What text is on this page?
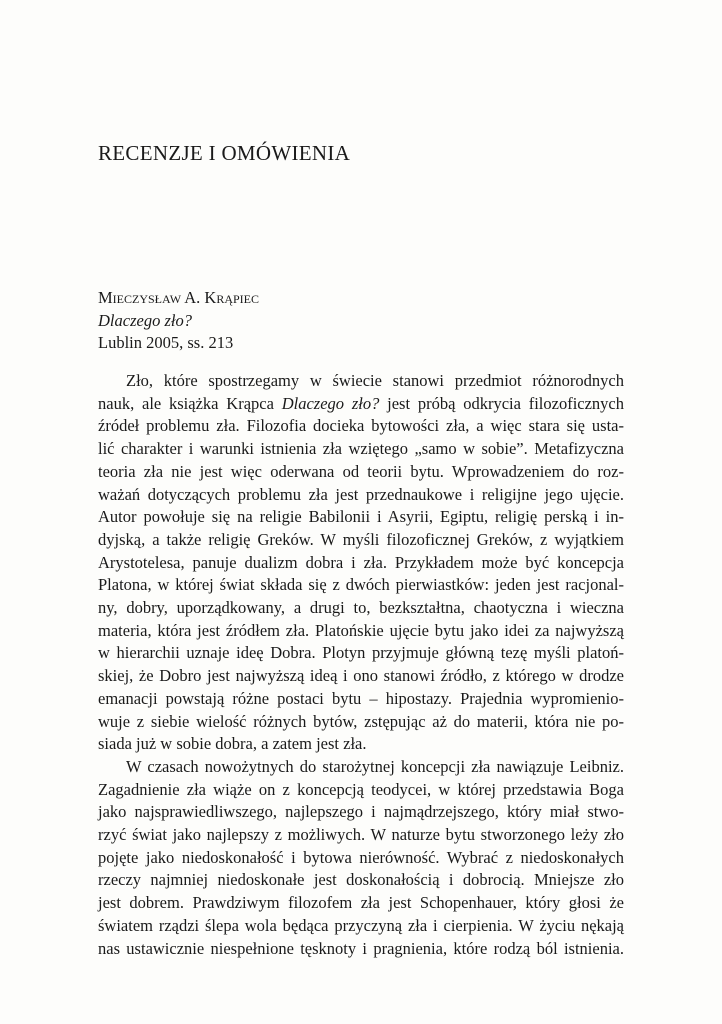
RECENZJE I OMÓWIENIA
Mieczysław A. Krąpiec
Dlaczego zło?
Lublin 2005, ss. 213
Zło, które spostrzegamy w świecie stanowi przedmiot różnorodnych
nauk, ale książka Krąpca Dlaczego zło? jest próbą odkrycia filozoficznych
źródeł problemu zła. Filozofia docieka bytowości zła, a więc stara się usta-
lić charakter i warunki istnienia zła wziętego „samo w sobie”. Metafizyczna
teoria zła nie jest więc oderwana od teorii bytu. Wprowadzeniem do roz-
ważań dotyczących problemu zła jest przednaukowe i religijne jego ujęcie.
Autor powołuje się na religie Babilonii i Asyrii, Egiptu, religię perską i in-
dyjską, a także religię Greków. W myśli filozoficznej Greków, z wyjątkiem
Arystotelesa, panuje dualizm dobra i zła. Przykładem może być koncepcja
Platona, w której świat składa się z dwóch pierwiastków: jeden jest racjonal-
ny, dobry, uporządkowany, a drugi to, bezkształtna, chaotyczna i wieczna
materia, która jest źródłem zła. Platońskie ujęcie bytu jako idei za najwyższą
w hierarchii uznaje ideę Dobra. Plotyn przyjmuje główną tezę myśli platoń-
skiej, że Dobro jest najwyższą ideą i ono stanowi źródło, z którego w drodze
emanacji powstają różne postaci bytu – hipostazy. Prajednia wypromienio-
wuje z siebie wielość różnych bytów, zstępując aż do materii, która nie po-
siada już w sobie dobra, a zatem jest zła.
W czasach nowożytnych do starożytnej koncepcji zła nawiązuje Leibniz.
Zagadnienie zła wiąże on z koncepcją teodycei, w której przedstawia Boga
jako najsprawiedliwszego, najlepszego i najmądrzejszego, który miał stwo-
rzyć świat jako najlepszy z możliwych. W naturze bytu stworzonego leży zło
pojęte jako niedoskonałość i bytowa nierówność. Wybrać z niedoskonałych
rzeczy najmniej niedoskonałe jest doskonałością i dobrocią. Mniejsze zło
jest dobrem. Prawdziwym filozofem zła jest Schopenhauer, który głosi że
światem rządzi ślepa wola będąca przyczyną zła i cierpienia. W życiu nękają
nas ustawicznie niespełnione tęsknoty i pragnienia, które rodzą ból istnienia.
